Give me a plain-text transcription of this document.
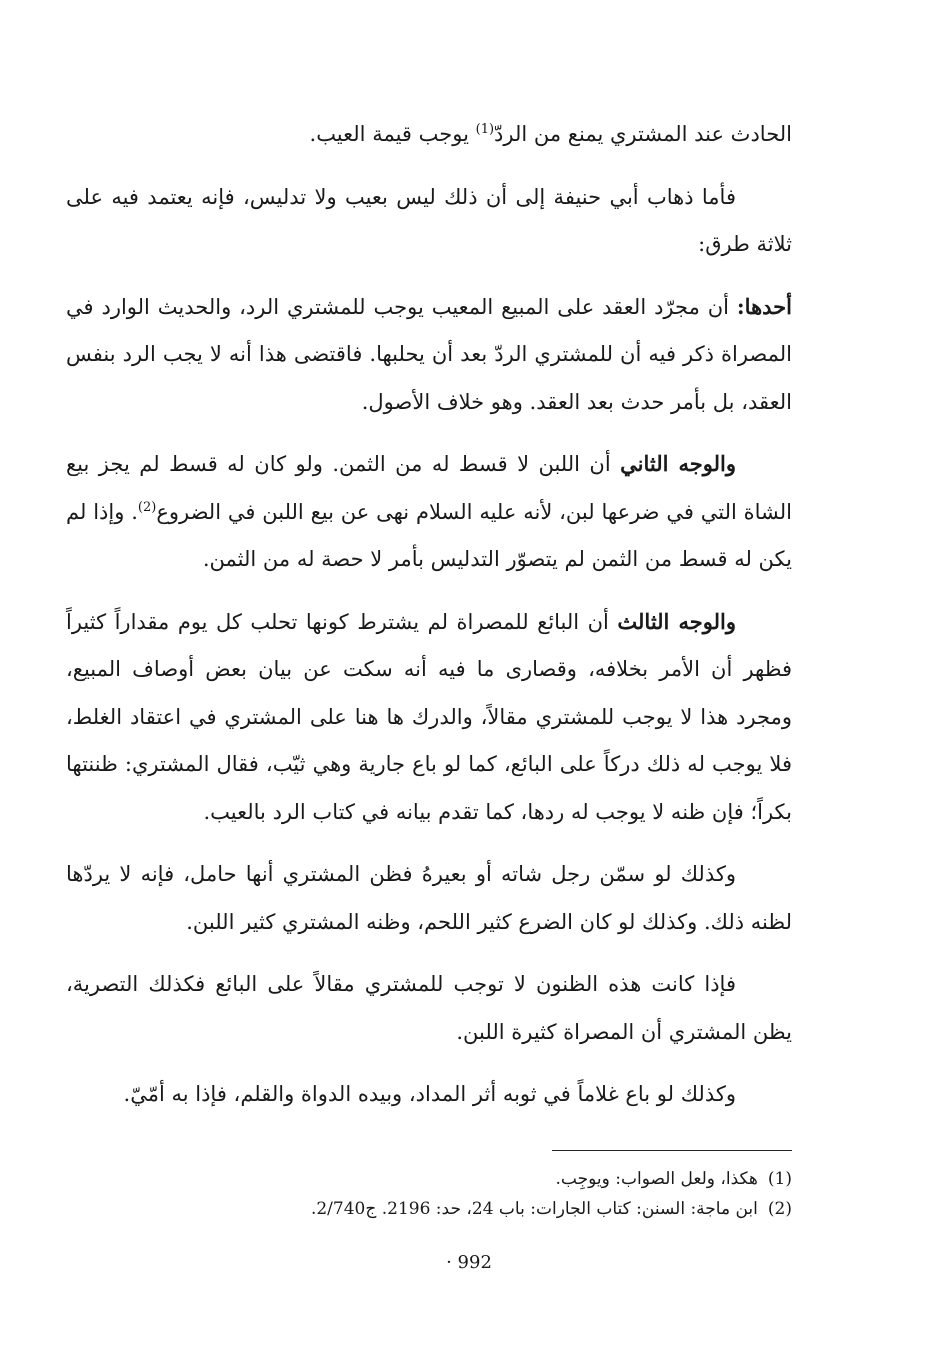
الحادث عند المشتري يمنع من الردّ$^{(1)}$ يوجب قيمة العيب.

فأما ذهاب أبي حنيفة إلى أن ذلك ليس بعيب ولا تدليس، فإنه يعتمد فيه على ثلاثة طرق:

أحدها: أن مجرّد العقد على المبيع المعيب يوجب للمشتري الرد، والحديث الوارد في المصراة ذكر فيه أن للمشتري الردّ بعد أن يحلبها. فاقتضى هذا أنه لا يجب الرد بنفس العقد، بل بأمر حدث بعد العقد. وهو خلاف الأصول.

والوجه الثاني أن اللبن لا قسط له من الثمن. ولو كان له قسط لم يجز بيع الشاة التي في ضرعها لبن، لأنه عليه السلام نهى عن بيع اللبن في الضروع$^{(2)}$. وإذا لم يكن له قسط من الثمن لم يتصوّر التدليس بأمر لا حصة له من الثمن.

والوجه الثالث أن البائع للمصراة لم يشترط كونها تحلب كل يوم مقداراً كثيراً فظهر أن الأمر بخلافه، وقصارى ما فيه أنه سكت عن بيان بعض أوصاف المبيع، ومجرد هذا لا يوجب للمشتري مقالاً، والدرك ها هنا على المشتري في اعتقاد الغلط، فلا يوجب له ذلك دركاً على البائع، كما لو باع جارية وهي ثيّب، فقال المشتري: ظننتها بكراً؛ فإن ظنه لا يوجب له ردها، كما تقدم بيانه في كتاب الرد بالعيب.

وكذلك لو سمّن رجل شاته أو بعيرهُ فظن المشتري أنها حامل، فإنه لا يردّها لظنه ذلك. وكذلك لو كان الضرع كثير اللحم، وظنه المشتري كثير اللبن.

فإذا كانت هذه الظنون لا توجب للمشتري مقالاً على البائع فكذلك التصرية، يظن المشتري أن المصراة كثيرة اللبن.

وكذلك لو باع غلاماً في ثوبه أثر المداد، وبيده الدواة والقلم، فإذا به أمّيّ.

(1)
هكذا، ولعل الصواب: ويوجِب.
(2)
ابن ماجة: السنن: كتاب الجارات: باب 24، ح‍د: 2196. ج2/740.
· 992
